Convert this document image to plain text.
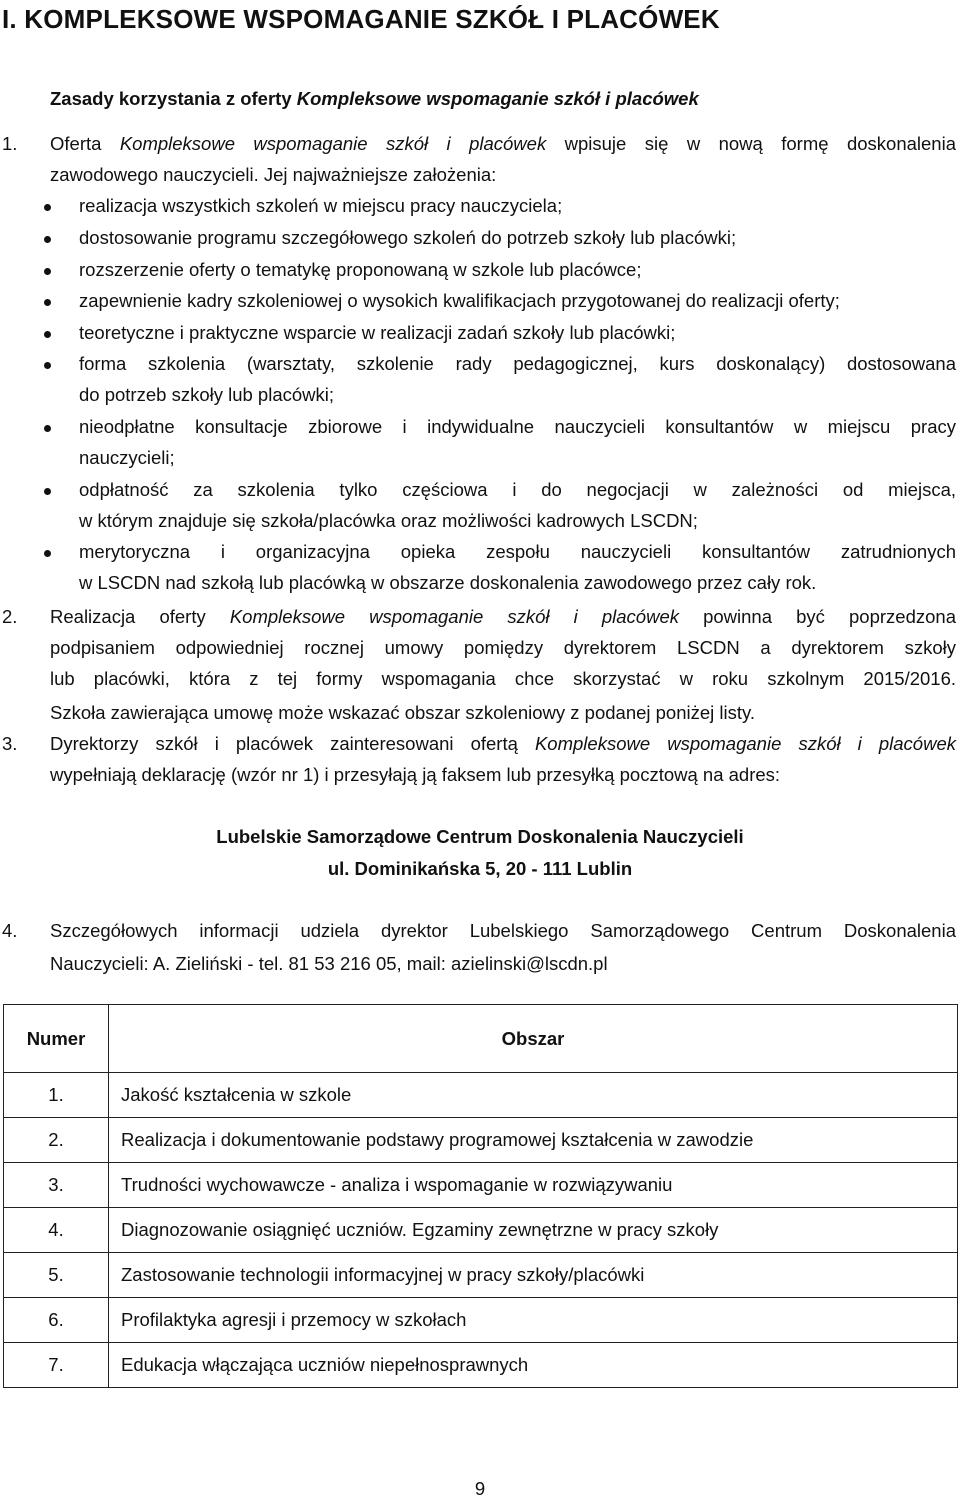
I. KOMPLEKSOWE WSPOMAGANIE SZKÓŁ I PLACÓWEK
Zasady korzystania z oferty Kompleksowe wspomaganie szkół i placówek
1. Oferta Kompleksowe wspomaganie szkół i placówek wpisuje się w nową formę doskonalenia
zawodowego nauczycieli. Jej najważniejsze założenia:
realizacja wszystkich szkoleń w miejscu pracy nauczyciela;
dostosowanie programu szczegółowego szkoleń do potrzeb szkoły lub placówki;
rozszerzenie oferty o tematykę proponowaną w szkole lub placówce;
zapewnienie kadry szkoleniowej o wysokich kwalifikacjach przygotowanej do realizacji oferty;
teoretyczne i praktyczne wsparcie w realizacji zadań szkoły lub placówki;
forma szkolenia (warsztaty, szkolenie rady pedagogicznej, kurs doskonalący) dostosowana
do potrzeb szkoły lub placówki;
nieodpłatne konsultacje zbiorowe i indywidualne nauczycieli konsultantów w miejscu pracy
nauczycieli;
odpłatność za szkolenia tylko częściowa i do negocjacji w zależności od miejsca,
w którym znajduje się szkoła/placówka oraz możliwości kadrowych LSCDN;
merytoryczna i organizacyjna opieka zespołu nauczycieli konsultantów zatrudnionych
w LSCDN nad szkołą lub placówką w obszarze doskonalenia zawodowego przez cały rok.
2. Realizacja oferty Kompleksowe wspomaganie szkół i placówek powinna być poprzedzona
podpisaniem odpowiedniej rocznej umowy pomiędzy dyrektorem LSCDN a dyrektorem szkoły
lub placówki, która z tej formy wspomagania chce skorzystać w roku szkolnym 2015/2016.
Szkoła zawierająca umowę może wskazać obszar szkoleniowy z podanej poniżej listy.
3. Dyrektorzy szkół i placówek zainteresowani ofertą Kompleksowe wspomaganie szkół i placówek
wypełniają deklarację (wzór nr 1) i przesyłają ją faksem lub przesyłką pocztową na adres:
Lubelskie Samorządowe Centrum Doskonalenia Nauczycieli
ul. Dominikańska 5, 20 - 111 Lublin
4. Szczegółowych informacji udziela dyrektor Lubelskiego Samorządowego Centrum Doskonalenia
Nauczycieli: A. Zieliński - tel. 81 53 216 05, mail: azielinski@lscdn.pl
Numer	Obszar
1.	Jakość kształcenia w szkole
2.	Realizacja i dokumentowanie podstawy programowej kształcenia w zawodzie
3.	Trudności wychowawcze - analiza i wspomaganie w rozwiązywaniu
4.	Diagnozowanie osiągnięć uczniów. Egzaminy zewnętrzne w pracy szkoły
5.	Zastosowanie technologii informacyjnej w pracy szkoły/placówki
6.	Profilaktyka agresji i przemocy w szkołach
7.	Edukacja włączająca uczniów niepełnosprawnych
9
